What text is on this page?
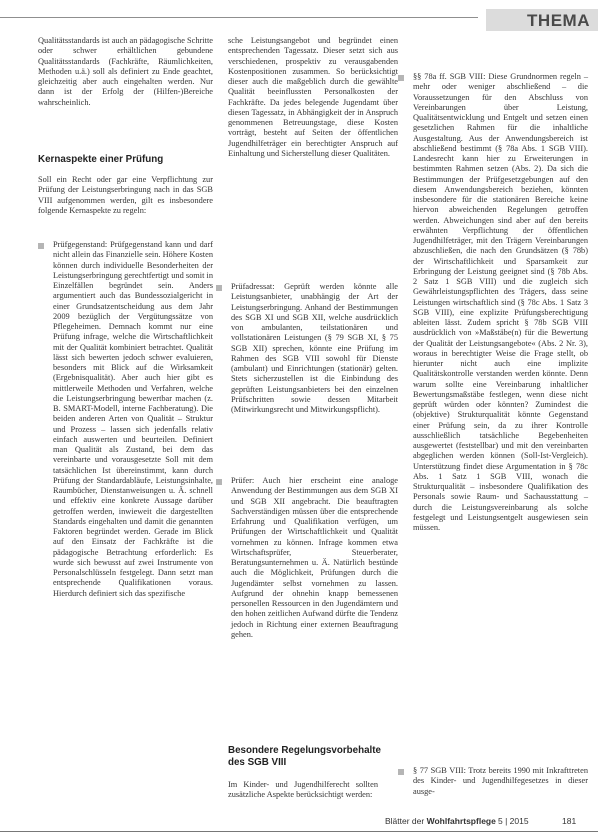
THEMA

Qualitätsstandards ist auch an pädagogische Schritte oder schwer erhältlichen gebundene Qualitätsstandards (Fachkräfte, Räumlichkeiten, Methoden u.ä.) soll als definiert zu Ende geachtet, gleichzeitig aber auch eingehalten werden. Nur dann ist der Erfolg der (Hilfen-)Bereiche wahrscheinlich.

Kernaspekte einer Prüfung

Soll ein Recht oder gar eine Verpflichtung zur Prüfung der Leistungserbringung nach in das SGB VIII aufgenommen werden, gilt es insbesondere folgende Kernaspekte zu regeln:

Prüfgegenstand: Prüfgegenstand kann und darf nicht allein das Finanzielle sein. Höhere Kosten können durch individuelle Besonderheiten der Leistungserbringung gerechtfertigt und somit in Einzelfällen begründet sein. Anders argumentiert auch das Bundessozialgericht in einer Grundsatzentscheidung aus dem Jahr 2009 bezüglich der Vergütungssätze von Pflegeheimen. Demnach kommt nur eine Prüfung infrage, welche die Wirtschaftlichkeit mit der Qualität kombiniert betrachtet. Qualität lässt sich bewerten jedoch schwer evaluieren, besonders mit Blick auf die Wirksamkeit (Ergebnisqualität). Aber auch hier gibt es mittlerweile Methoden und Verfahren, welche die Leistungserbringung bewertbar machen (z. B. SMART-Modell, interne Fachberatung). Die beiden anderen Arten von Qualität – Struktur und Prozess – lassen sich jedenfalls relativ einfach auswerten und beurteilen. Definiert man Qualität als Zustand, bei dem das vereinbarte und vorausgesetzte Soll mit dem tatsächlichen Ist übereinstimmt, kann durch Prüfung der Standardabläufe, Leistungsinhalte, Raumbücher, Dienstanweisungen u. Ä. schnell und effektiv eine konkrete Aussage darüber getroffen werden, inwieweit die dargestellten Standards eingehalten und damit die genannten Faktoren begründet werden. Gerade im Blick auf den Einsatz der Fachkräfte ist die pädagogische Betrachtung erforderlich: Es wurde sich bewusst auf zwei Instrumente von Personalschlüsseln festgelegt. Dann setzt man entsprechende Qualifikationen voraus. Hierdurch definiert sich das spezifische

sche Leistungsangebot und begründet einen entsprechenden Tagessatz. Dieser setzt sich aus verschiedenen, prospektiv zu verausgabenden Kostenpositionen zusammen. So berücksichtigt dieser auch die maßgeblich durch die gewählte Qualität beeinflussten Personalkosten der Fachkräfte. Da jedes belegende Jugendamt über diesen Tagessatz, in Abhängigkeit der in Anspruch genommenen Betreuungstage, diese Kosten vorträgt, besteht auf Seiten der öffentlichen Jugendhilfeträger ein berechtigter Anspruch auf Einhaltung und Sicherstellung dieser Qualitäten.

Prüfadressat: Geprüft werden könnte alle Leistungsanbieter, unabhängig der Art der Leistungserbringung. Anhand der Bestimmungen des SGB XI und SGB XII, welche ausdrücklich von ambulanten, teilstationären und vollstationären Leistungen (§ 79 SGB XI, § 75 SGB XII) sprechen, könnte eine Prüfung im Rahmen des SGB VIII sowohl für Dienste (ambulant) und Einrichtungen (stationär) gelten. Stets sicherzustellen ist die Einbindung des geprüften Leistungsanbieters bei den einzelnen Prüfschritten sowie dessen Mitarbeit (Mitwirkungsrecht und Mitwirkungspflicht).

Prüfer: Auch hier erscheint eine analoge Anwendung der Bestimmungen aus dem SGB XI und SGB XII angebracht. Die beauftragten Sachverständigen müssen über die entsprechende Erfahrung und Qualifikation verfügen, um Prüfungen der Wirtschaftlichkeit und Qualität vornehmen zu können. Infrage kommen etwa Wirtschaftsprüfer, Steuerberater, Beratungsunternehmen u. Ä. Natürlich bestünde auch die Möglichkeit, Prüfungen durch die Jugendämter selbst vornehmen zu lassen. Aufgrund der ohnehin knapp bemessenen personellen Ressourcen in den Jugendämtern und den hohen zeitlichen Aufwand dürfte die Tendenz jedoch in Richtung einer externen Beauftragung gehen.

Besondere Regelungsvorbehalte des SGB VIII

Im Kinder- und Jugendhilferecht sollten zusätzliche Aspekte berücksichtigt werden:

§§ 78a ff. SGB VIII: Diese Grundnormen regeln – mehr oder weniger abschließend – die Voraussetzungen für den Abschluss von Vereinbarungen über Leistung, Qualitätsentwicklung und Entgelt und setzen einen gesetzlichen Rahmen für die inhaltliche Ausgestaltung. Aus der Anwendungsbereich ist abschließend bestimmt (§ 78a Abs. 1 SGB VIII). Landesrecht kann hier zu Erweiterungen in bestimmten Rahmen setzen (Abs. 2). Da sich die Bestimmungen der Prüfgesetzgebungen auf den diesem Anwendungsbereich beziehen, könnten insbesondere für die stationären Bereiche keine hiervon abweichenden Regelungen getroffen werden. Abweichungen sind aber auf den bereits erwähnten Verpflichtung der öffentlichen Jugendhilfeträger, mit den Trägern Vereinbarungen abzuschließen, die nach den Grundsätzen (§ 78b) der Wirtschaftlichkeit und Sparsamkeit zur Erbringung der Leistung geeignet sind (§ 78b Abs. 2 Satz 1 SGB VIII) und die zugleich sich Gewährleistungspflichten des Trägers, dass seine Leistungen wirtschaftlich sind (§ 78c Abs. 1 Satz 3 SGB VIII), eine explizite Prüfungsberechtigung ableiten lässt. Zudem spricht § 78b SGB VIII ausdrücklich von »Maßstäbe(n) für die Bewertung der Qualität der Leistungsangebote« (Abs. 2 Nr. 3), woraus in berechtigter Weise die Frage stellt, ob hierunter nicht auch eine implizite Qualitätskontrolle verstanden werden könnte. Denn warum sollte eine Vereinbarung inhaltlicher Bewertungsmaßstäbe festlegen, wenn diese nicht geprüft würden oder könnten? Zumindest die (objektive) Strukturqualität könnte Gegenstand einer Prüfung sein, da zu ihrer Kontrolle ausschließlich tatsächliche Begebenheiten ausgewertet (feststellbar) und mit den vereinbarten abgeglichen werden können (Soll-Ist-Vergleich). Unterstützung findet diese Argumentation in § 78c Abs. 1 Satz 1 SGB VIII, wonach die Strukturqualität – insbesondere Qualifikation des Personals sowie Raum- und Sachausstattung – durch die Leistungsvereinbarung als solche festgelegt und Leistungsentgelt ausgewiesen sein müssen.

§ 77 SGB VIII: Trotz bereits 1990 mit Inkrafttreten des Kinder- und Jugendhilfegesetzes in dieser ausge-

Blätter der Wohlfahrtspflege 5 | 2015	181
